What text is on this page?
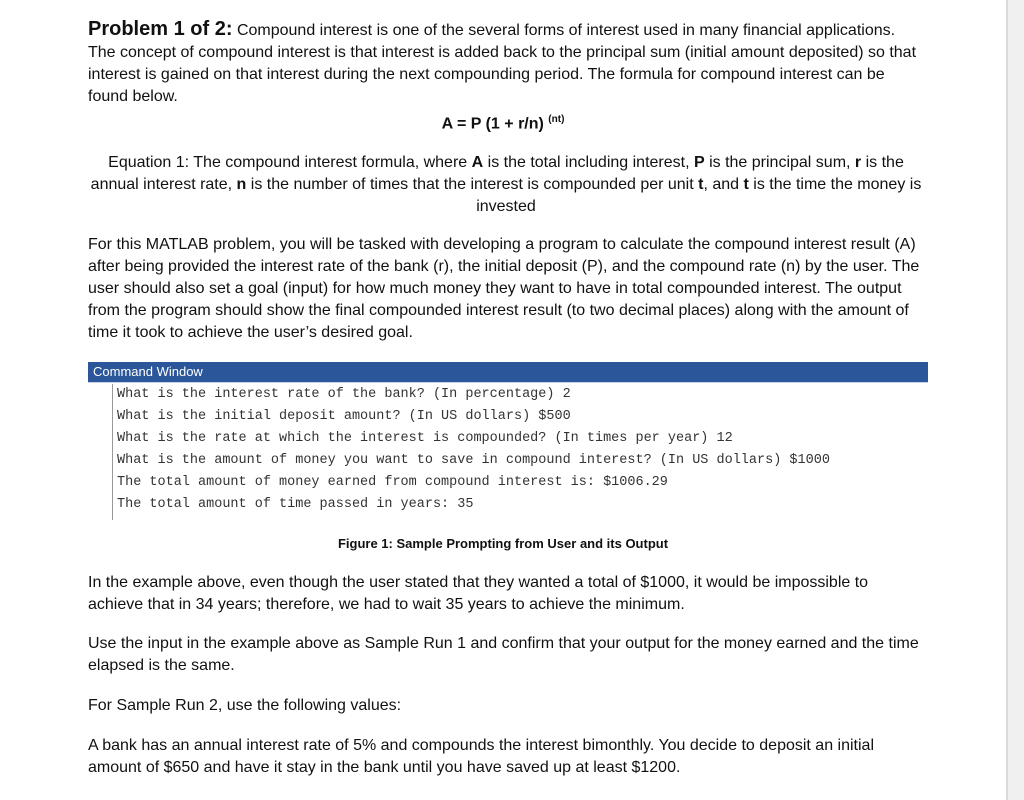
Problem 1 of 2: Compound interest is one of the several forms of interest used in many financial applications. The concept of compound interest is that interest is added back to the principal sum (initial amount deposited) so that interest is gained on that interest during the next compounding period. The formula for compound interest can be found below.

A = P (1 + r/n) $^{(nt)}$

Equation 1: The compound interest formula, where A is the total including interest, P is the principal sum, r is the annual interest rate, n is the number of times that the interest is compounded per unit t, and t is the time the money is invested

For this MATLAB problem, you will be tasked with developing a program to calculate the compound interest result (A) after being provided the interest rate of the bank (r), the initial deposit (P), and the compound rate (n) by the user. The user should also set a goal (input) for how much money they want to have in total compounded interest. The output from the program should show the final compounded interest result (to two decimal places) along with the amount of time it took to achieve the user’s desired goal.

Command Window
What is the interest rate of the bank? (In percentage) 2
What is the initial deposit amount? (In US dollars) $500
What is the rate at which the interest is compounded? (In times per year) 12
What is the amount of money you want to save in compound interest? (In US dollars) $1000
The total amount of money earned from compound interest is: $1006.29
The total amount of time passed in years: 35
Figure 1: Sample Prompting from User and its Output

In the example above, even though the user stated that they wanted a total of $1000, it would be impossible to achieve that in 34 years; therefore, we had to wait 35 years to achieve the minimum.

Use the input in the example above as Sample Run 1 and confirm that your output for the money earned and the time elapsed is the same.

For Sample Run 2, use the following values:

A bank has an annual interest rate of 5% and compounds the interest bimonthly. You decide to deposit an initial amount of $650 and have it stay in the bank until you have saved up at least $1200.
